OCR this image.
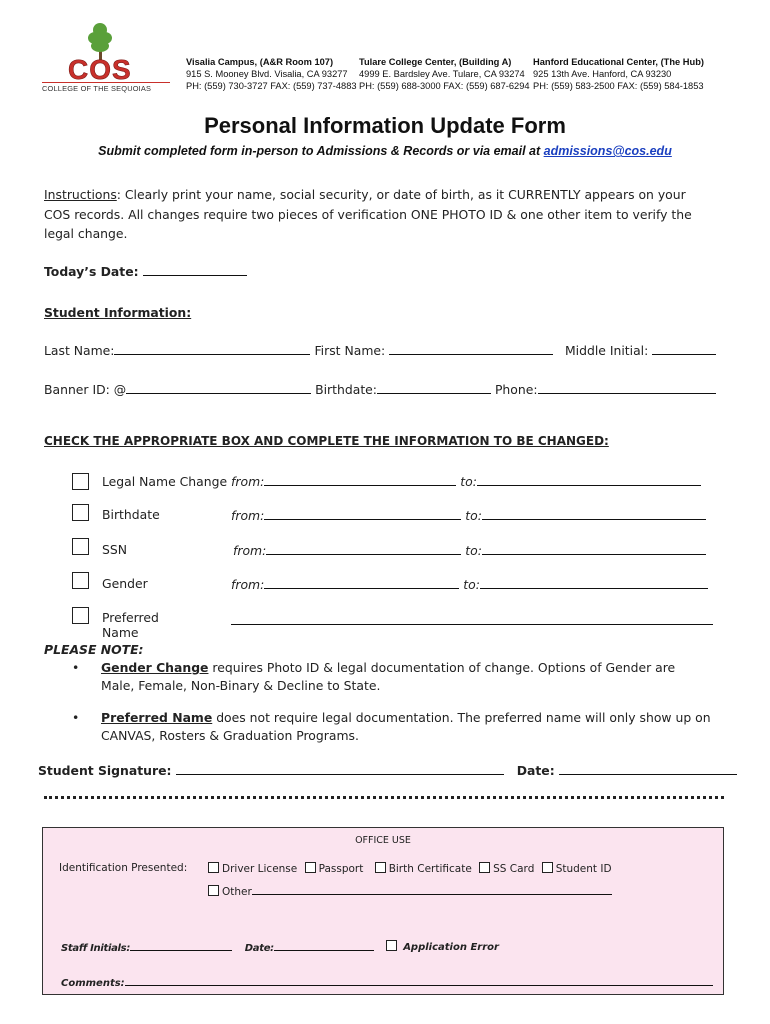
COS
COLLEGE OF THE SEQUOIAS
Visalia Campus, (A&R Room 107)
915 S. Mooney Blvd. Visalia, CA 93277
PH: (559) 730-3727 FAX: (559) 737-4883
Tulare College Center, (Building A)
4999 E. Bardsley Ave. Tulare, CA 93274
PH: (559) 688-3000 FAX: (559) 687-6294
Hanford Educational Center, (The Hub)
925 13th Ave. Hanford, CA 93230
PH: (559) 583-2500 FAX: (559) 584-1853
Personal Information Update Form
Submit completed form in-person to Admissions & Records or via email at admissions@cos.edu
Instructions: Clearly print your name, social security, or date of birth, as it CURRENTLY appears on your COS records. All changes require two pieces of verification ONE PHOTO ID & one other item to verify the legal change.
Today’s Date:
Student Information:
Last Name:	First Name:	Middle Initial:
Banner ID: @	Birthdate:	Phone:
CHECK THE APPROPRIATE BOX AND COMPLETE THE INFORMATION TO BE CHANGED:
Legal Name Change from:	to:
Birthdate	from:	to:
SSN	from:	to:
Gender	from:	to:
Preferred Name
PLEASE NOTE:
• Gender Change requires Photo ID & legal documentation of change. Options of Gender are Male, Female, Non-Binary & Decline to State.
• Preferred Name does not require legal documentation. The preferred name will only show up on CANVAS, Rosters & Graduation Programs.
Student Signature:	Date:
OFFICE USE
Identification Presented:	Driver License Passport Birth Certificate SS Card Student ID
Other
Staff Initials:	Date:	Application Error
Comments:
